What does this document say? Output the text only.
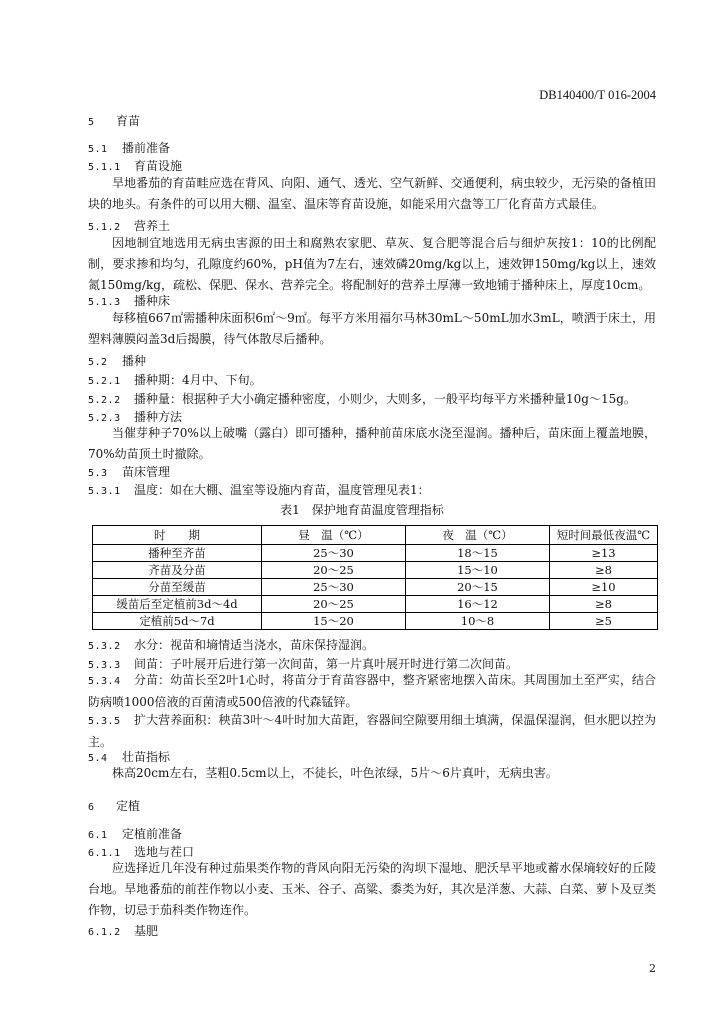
DB140400/T 016-2004
5 育苗
5.1 播前准备
5.1.1 育苗设施
旱地番茄的育苗畦应选在背风、向阳、通气、透光、空气新鲜、交通便利，病虫较少，无污染的备植田块的地头。有条件的可以用大棚、温室、温床等育苗设施，如能采用穴盘等工厂化育苗方式最佳。
5.1.2 营养土
因地制宜地选用无病虫害源的田土和腐熟农家肥、草灰、复合肥等混合后与细炉灰按1：10的比例配制，要求掺和均匀，孔隙度约60%，pH值为7左右，速效磷20mg/kg以上，速效钾150mg/kg以上，速效氮150mg/kg，疏松、保肥、保水、营养完全。将配制好的营养土厚薄一致地铺于播种床上，厚度10cm。
5.1.3 播种床
每移植667㎡需播种床面积6㎡～9㎡。每平方米用福尔马林30mL～50mL加水3mL，喷洒于床土，用塑料薄膜闷盖3d后揭膜，待气体散尽后播种。
5.2 播种
5.2.1 播种期：4月中、下旬。
5.2.2 播种量：根据种子大小确定播种密度，小则少，大则多，一般平均每平方米播种量10g～15g。
5.2.3 播种方法
当催芽种子70%以上破嘴（露白）即可播种，播种前苗床底水浇至湿润。播种后，苗床面上覆盖地膜，70%幼苗顶土时撤除。
5.3 苗床管理
5.3.1 温度：如在大棚、温室等设施内育苗，温度管理见表1：
表1　保护地育苗温度管理指标
时　　期	昼　温（℃）	夜　温（℃）	短时间最低夜温℃
播种至齐苗	25～30	18～15	≥13
齐苗及分苗	20～25	15～10	≥8
分苗至缓苗	25～30	20～15	≥10
缓苗后至定植前3d～4d	20～25	16～12	≥8
定植前5d～7d	15～20	10～8	≥5
5.3.2 水分：视苗和墒情适当浇水，苗床保持湿润。
5.3.3 间苗：子叶展开后进行第一次间苗，第一片真叶展开时进行第二次间苗。
5.3.4 分苗：幼苗长至2叶1心时，将苗分于育苗容器中，整齐紧密地摆入苗床。其周围加土至严实，结合防病喷1000倍液的百菌清或500倍液的代森锰锌。
5.3.5 扩大营养面积：秧苗3叶～4叶时加大苗距，容器间空隙要用细土填满，保温保湿润，但水肥以控为主。
5.4 壮苗指标
株高20cm左右，茎粗0.5cm以上，不徒长，叶色浓绿，5片～6片真叶，无病虫害。
6 定植
6.1 定植前准备
6.1.1 选地与茬口
应选择近几年没有种过茄果类作物的背风向阳无污染的沟坝下湿地、肥沃旱平地或蓄水保墒较好的丘陵台地。旱地番茄的前茬作物以小麦、玉米、谷子、高粱、黍类为好，其次是洋葱、大蒜、白菜、萝卜及豆类作物，切忌于茄科类作物连作。
6.1.2 基肥
2
